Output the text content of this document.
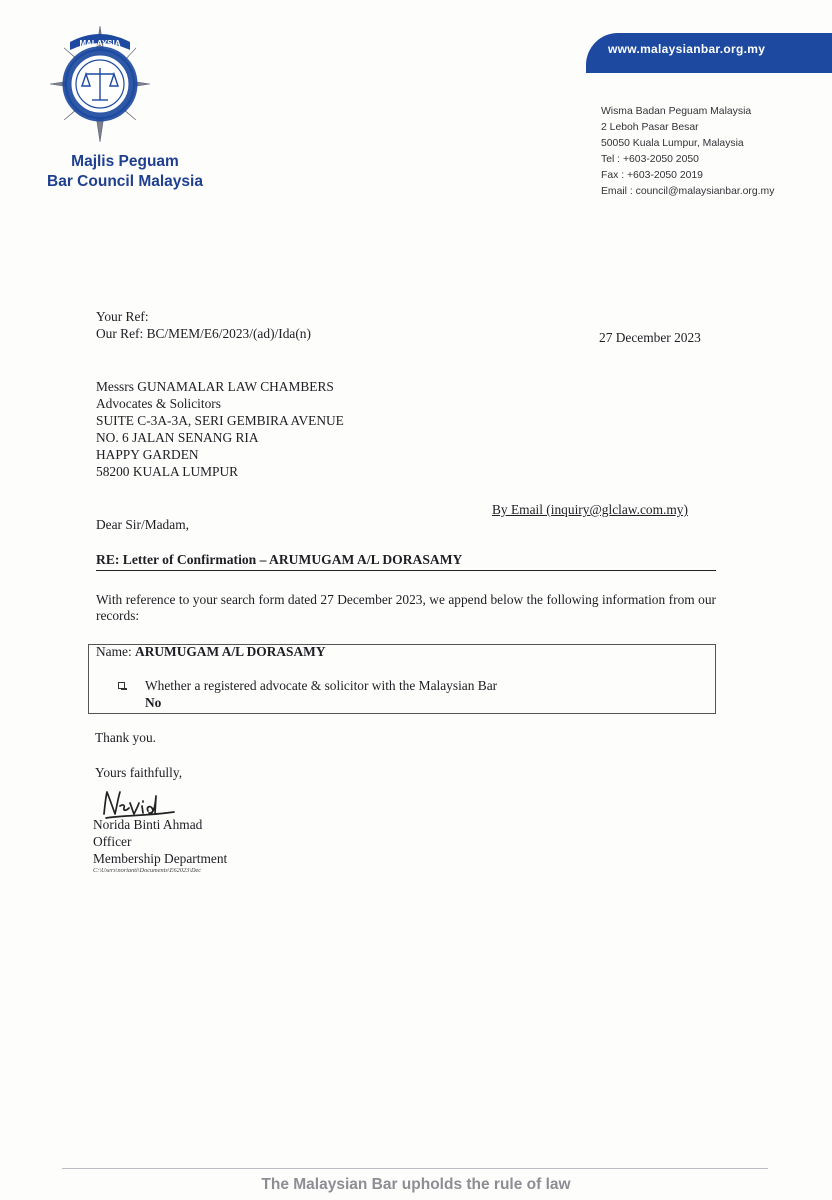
MALAYSIA
Majlis Peguam
Bar Council Malaysia
www.malaysianbar.org.my
Wisma Badan Peguam Malaysia
2 Leboh Pasar Besar
50050 Kuala Lumpur, Malaysia
Tel : +603-2050 2050
Fax : +603-2050 2019
Email : council@malaysianbar.org.my
Your Ref:
Our Ref: BC/MEM/E6/2023/(ad)/Ida(n)	27 December 2023
Messrs GUNAMALAR LAW CHAMBERS
Advocates & Solicitors
SUITE C-3A-3A, SERI GEMBIRA AVENUE
NO. 6 JALAN SENANG RIA
HAPPY GARDEN
58200 KUALA LUMPUR
By Email (inquiry@glclaw.com.my)
Dear Sir/Madam,
RE: Letter of Confirmation – ARUMUGAM A/L DORASAMY
With reference to your search form dated 27 December 2023, we append below the following information from our records:
Name: ARUMUGAM A/L DORASAMY
Whether a registered advocate & solicitor with the Malaysian Bar
No
Thank you.
Yours faithfully,
Norida Binti Ahmad
Officer
Membership Department
C:\Users\norianti\Documents\E62023\Dec
The Malaysian Bar upholds the rule of law
